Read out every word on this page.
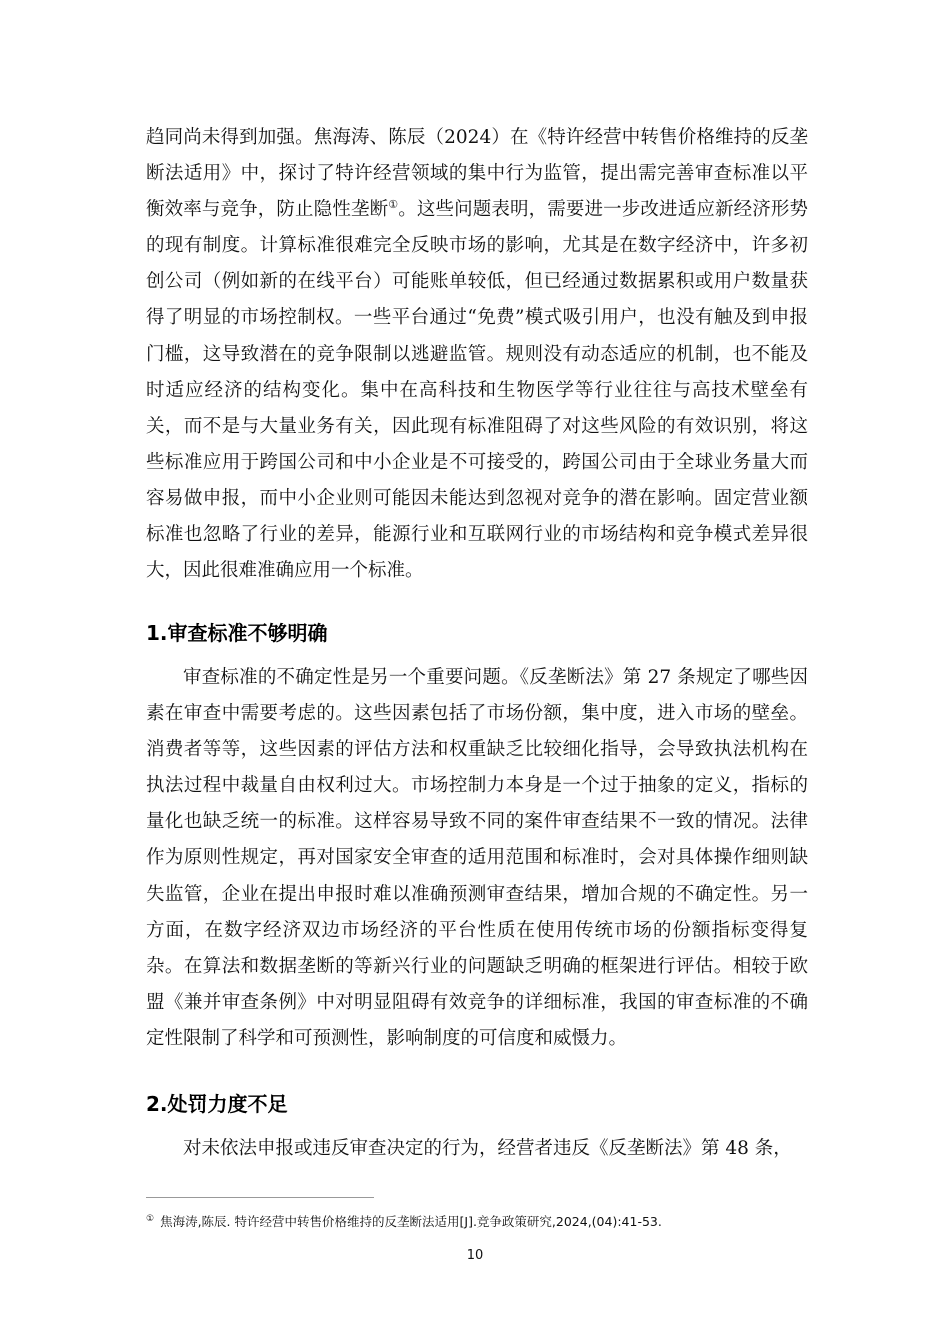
趋同尚未得到加强。焦海涛、陈辰（2024）在《特许经营中转售价格维持的反垄断法适用》中，探讨了特许经营领域的集中行为监管，提出需完善审查标准以平衡效率与竞争，防止隐性垄断①。这些问题表明，需要进一步改进适应新经济形势的现有制度。计算标准很难完全反映市场的影响，尤其是在数字经济中，许多初创公司（例如新的在线平台）可能账单较低，但已经通过数据累积或用户数量获得了明显的市场控制权。一些平台通过“免费”模式吸引用户，也没有触及到申报门槛，这导致潜在的竞争限制以逃避监管。规则没有动态适应的机制，也不能及时适应经济的结构变化。集中在高科技和生物医学等行业往往与高技术壁垒有关，而不是与大量业务有关，因此现有标准阻碍了对这些风险的有效识别，将这些标准应用于跨国公司和中小企业是不可接受的，跨国公司由于全球业务量大而容易做申报，而中小企业则可能因未能达到忽视对竞争的潜在影响。固定营业额标准也忽略了行业的差异，能源行业和互联网行业的市场结构和竞争模式差异很大，因此很难准确应用一个标准。

1.审查标准不够明确

审查标准的不确定性是另一个重要问题。《反垄断法》第 27 条规定了哪些因素在审查中需要考虑的。这些因素包括了市场份额，集中度，进入市场的壁垒。消费者等等，这些因素的评估方法和权重缺乏比较细化指导，会导致执法机构在执法过程中裁量自由权利过大。市场控制力本身是一个过于抽象的定义，指标的量化也缺乏统一的标准。这样容易导致不同的案件审查结果不一致的情况。法律作为原则性规定，再对国家安全审查的适用范围和标准时，会对具体操作细则缺失监管，企业在提出申报时难以准确预测审查结果，增加合规的不确定性。另一方面，在数字经济双边市场经济的平台性质在使用传统市场的份额指标变得复杂。在算法和数据垄断的等新兴行业的问题缺乏明确的框架进行评估。相较于欧盟《兼并审查条例》中对明显阻碍有效竞争的详细标准，我国的审查标准的不确定性限制了科学和可预测性，影响制度的可信度和威慑力。

2.处罚力度不足

对未依法申报或违反审查决定的行为，经营者违反《反垄断法》第 48 条，

① 焦海涛,陈辰. 特许经营中转售价格维持的反垄断法适用[J].竞争政策研究,2024,(04):41-53.

10
